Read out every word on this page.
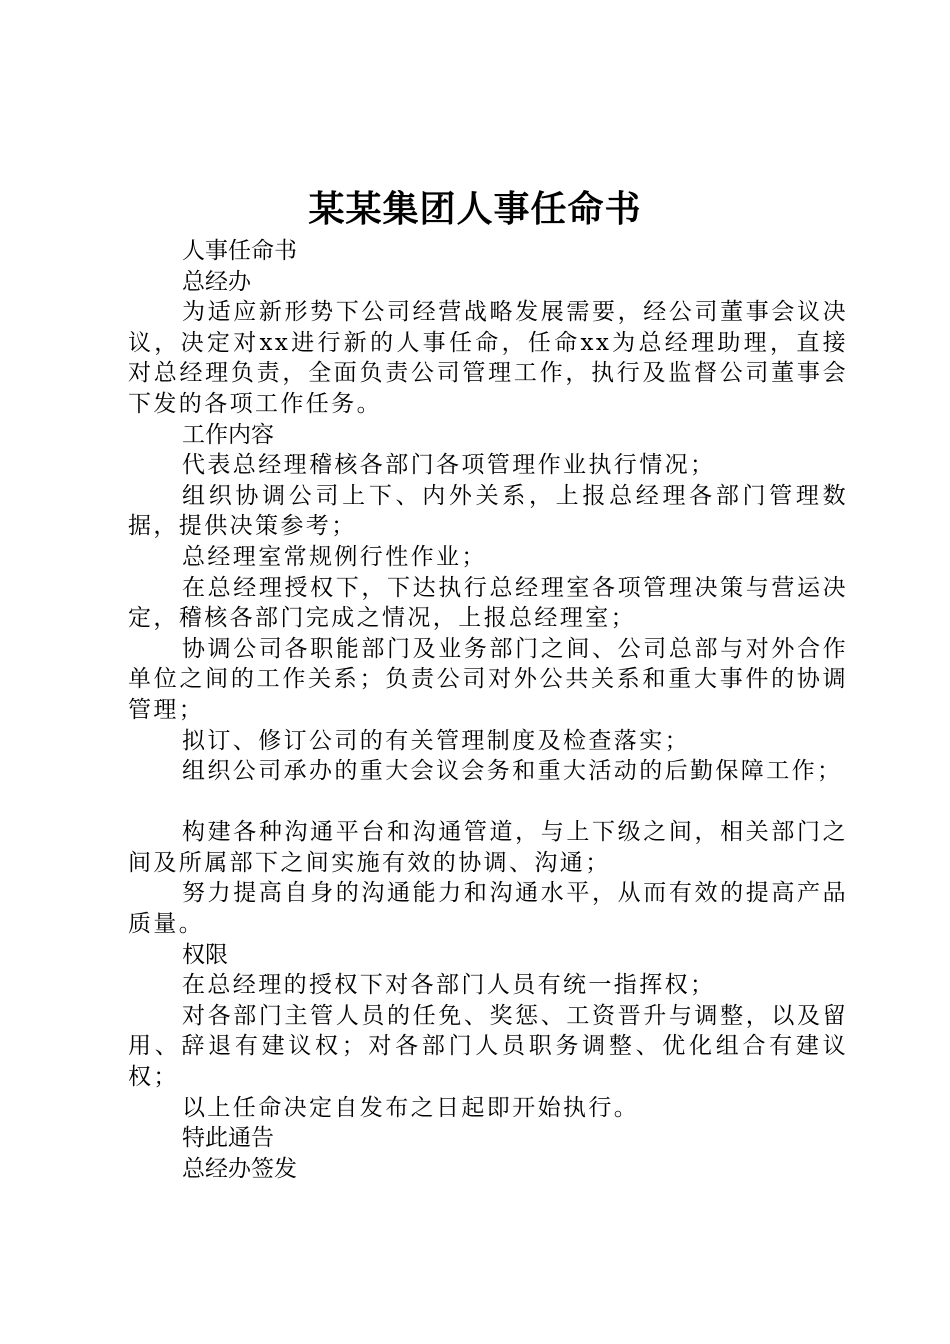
某某集团人事任命书

人事任命书

总经办

为适应新形势下公司经营战略发展需要，经公司董事会议决议，决定对xx进行新的人事任命，任命xx为总经理助理，直接对总经理负责，全面负责公司管理工作，执行及监督公司董事会下发的各项工作任务。

工作内容

代表总经理稽核各部门各项管理作业执行情况；

组织协调公司上下、内外关系，上报总经理各部门管理数据，提供决策参考；

总经理室常规例行性作业；

在总经理授权下，下达执行总经理室各项管理决策与营运决定，稽核各部门完成之情况，上报总经理室；

协调公司各职能部门及业务部门之间、公司总部与对外合作单位之间的工作关系；负责公司对外公共关系和重大事件的协调管理；

拟订、修订公司的有关管理制度及检查落实；

组织公司承办的重大会议会务和重大活动的后勤保障工作；

构建各种沟通平台和沟通管道，与上下级之间，相关部门之间及所属部下之间实施有效的协调、沟通；

努力提高自身的沟通能力和沟通水平，从而有效的提高产品质量。

权限

在总经理的授权下对各部门人员有统一指挥权；

对各部门主管人员的任免、奖惩、工资晋升与调整，以及留用、辞退有建议权；对各部门人员职务调整、优化组合有建议权；

以上任命决定自发布之日起即开始执行。

特此通告

总经办签发
